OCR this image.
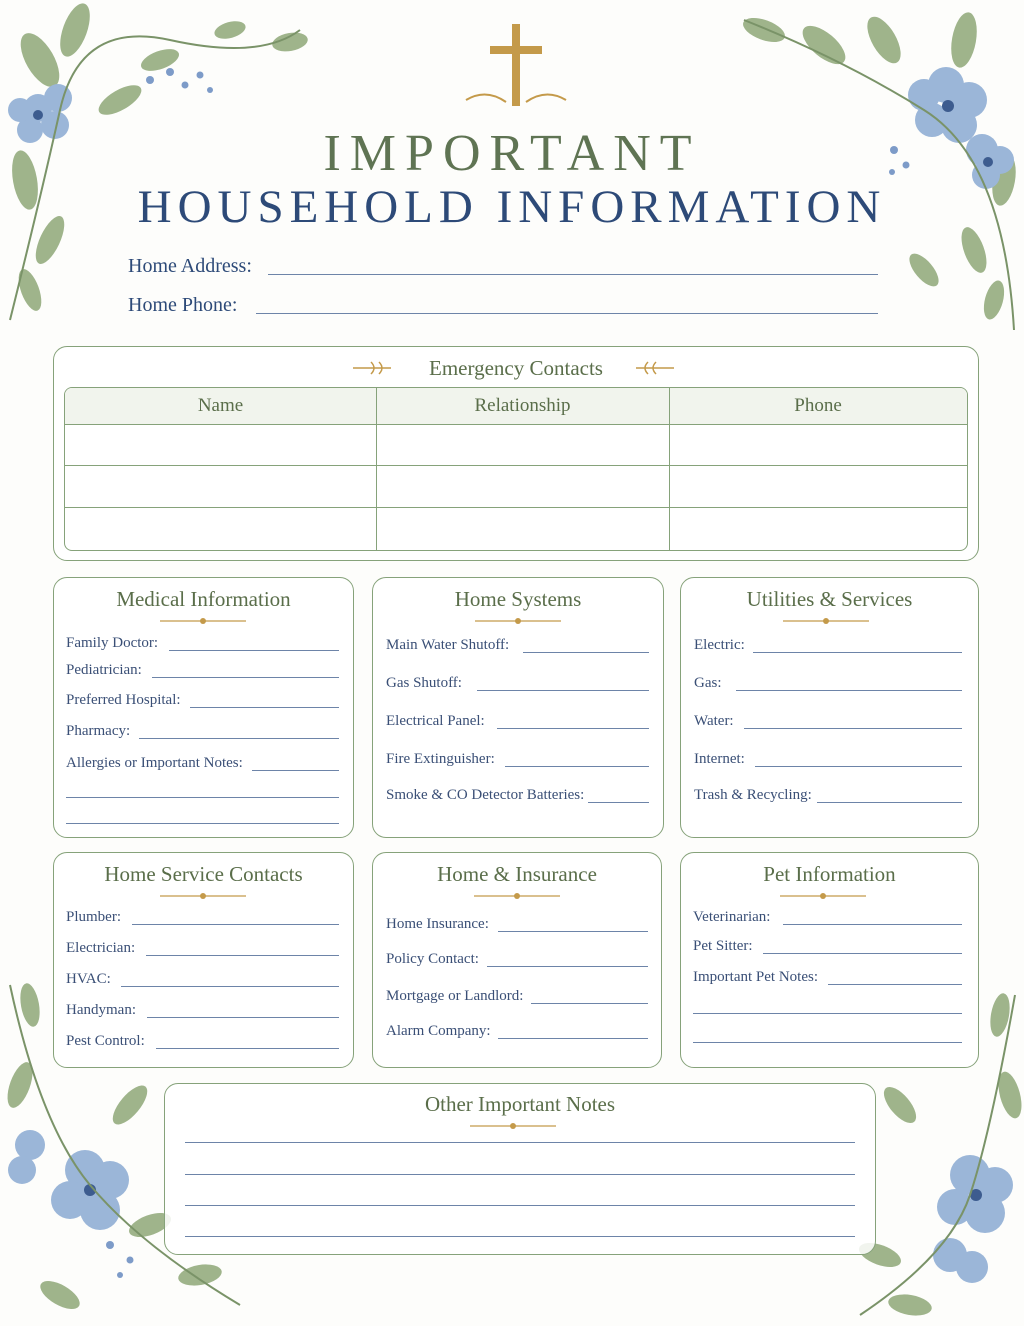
IMPORTANT
HOUSEHOLD INFORMATION
Home Address:
Home Phone:
Emergency Contacts
Name	Relationship	Phone
Medical Information
Family Doctor:
Pediatrician:
Preferred Hospital:
Pharmacy:
Allergies or Important Notes:
Home Systems
Main Water Shutoff:
Gas Shutoff:
Electrical Panel:
Fire Extinguisher:
Smoke & CO Detector Batteries:
Utilities & Services
Electric:
Gas:
Water:
Internet:
Trash & Recycling:
Home Service Contacts
Plumber:
Electrician:
HVAC:
Handyman:
Pest Control:
Home & Insurance
Home Insurance:
Policy Contact:
Mortgage or Landlord:
Alarm Company:
Pet Information
Veterinarian:
Pet Sitter:
Important Pet Notes:
Other Important Notes
